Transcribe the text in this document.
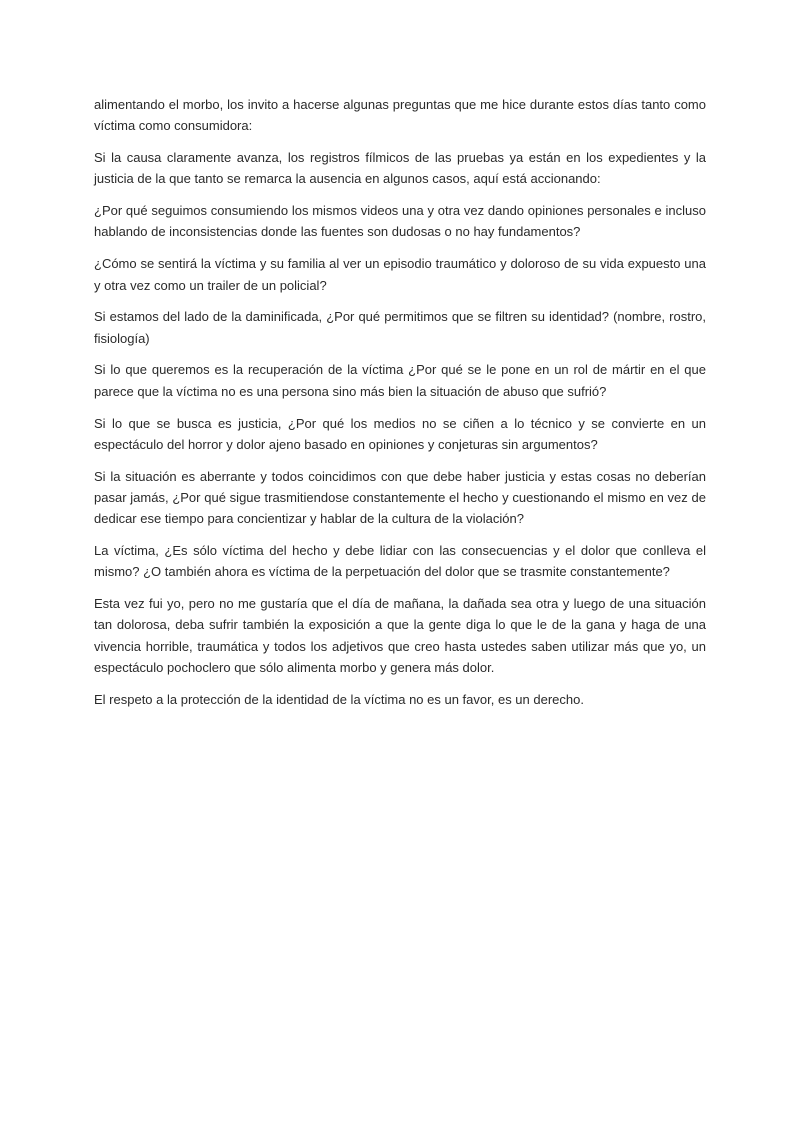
alimentando el morbo, los invito a hacerse algunas preguntas que me hice durante estos días tanto como víctima como consumidora:

Si la causa claramente avanza, los registros fílmicos de las pruebas ya están en los expedientes y la justicia de la que tanto se remarca la ausencia en algunos casos, aquí está accionando:

¿Por qué seguimos consumiendo los mismos videos una y otra vez dando opiniones personales e incluso hablando de inconsistencias donde las fuentes son dudosas o no hay fundamentos?

¿Cómo se sentirá la víctima y su familia al ver un episodio traumático y doloroso de su vida expuesto una y otra vez como un trailer de un policial?

Si estamos del lado de la daminificada, ¿Por qué permitimos que se filtren su identidad? (nombre, rostro, fisiología)

Si lo que queremos es la recuperación de la víctima ¿Por qué se le pone en un rol de mártir en el que parece que la víctima no es una persona sino más bien la situación de abuso que sufrió?

Si lo que se busca es justicia, ¿Por qué los medios no se ciñen a lo técnico y se convierte en un espectáculo del horror y dolor ajeno basado en opiniones y conjeturas sin argumentos?

Si la situación es aberrante y todos coincidimos con que debe haber justicia y estas cosas no deberían pasar jamás, ¿Por qué sigue trasmitiendose constantemente el hecho y cuestionando el mismo en vez de dedicar ese tiempo para concientizar y hablar de la cultura de la violación?

La víctima, ¿Es sólo víctima del hecho y debe lidiar con las consecuencias y el dolor que conlleva el mismo? ¿O también ahora es víctima de la perpetuación del dolor que se trasmite constantemente?

Esta vez fui yo, pero no me gustaría que el día de mañana, la dañada sea otra y luego de una situación tan dolorosa, deba sufrir también la exposición a que la gente diga lo que le de la gana y haga de una vivencia horrible, traumática y todos los adjetivos que creo hasta ustedes saben utilizar más que yo, un espectáculo pochoclero que sólo alimenta morbo y genera más dolor.

El respeto a la protección de la identidad de la víctima no es un favor, es un derecho.
